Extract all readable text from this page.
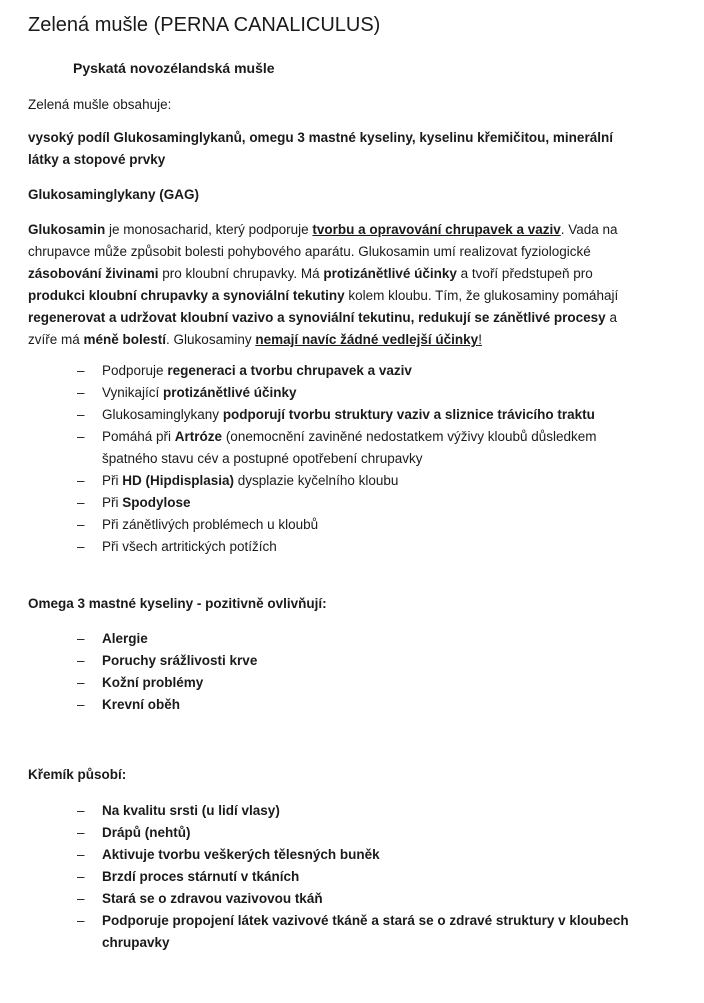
Zelená mušle (PERNA CANALICULUS)
Pyskatá novozélandská mušle
Zelená mušle obsahuje:
vysoký podíl Glukosaminglykanů, omegu 3 mastné kyseliny, kyselinu křemičitou, minerální látky a stopové prvky
Glukosaminglykany (GAG)
Glukosamin je monosacharid, který podporuje tvorbu a opravování chrupavek a vaziv. Vada na chrupavce může způsobit bolesti pohybového aparátu. Glukosamin umí realizovat fyziologické zásobování živinami pro kloubní chrupavky. Má protizánětlivé účinky a tvoří předstupeň pro produkci kloubní chrupavky a synoviální tekutiny kolem kloubu. Tím, že glukosaminy pomáhají regenerovat a udržovat kloubní vazivo a synoviální tekutinu, redukují se zánětlivé procesy a zvíře má méně bolestí. Glukosaminy nemají navíc žádné vedlejší účinky!
–	Podporuje regeneraci a tvorbu chrupavek a vaziv
–	Vynikající protizánětlivé účinky
–	Glukosaminglykany podporují tvorbu struktury vaziv a sliznice trávicího traktu
–	Pomáhá při Artróze (onemocnění zaviněné nedostatkem výživy kloubů důsledkem špatného stavu cév a postupné opotřebení chrupavky
–	Při HD (Hipdisplasia) dysplazie kyčelního kloubu
–	Při Spodylose
–	Při zánětlivých problémech u kloubů
–	Při všech artritických potížích
Omega 3 mastné kyseliny - pozitivně ovlivňují:
–	Alergie
–	Poruchy srážlivosti krve
–	Kožní problémy
–	Krevní oběh
Křemík působí:
–	Na kvalitu srsti (u lidí vlasy)
–	Drápů (nehtů)
–	Aktivuje tvorbu veškerých tělesných buněk
–	Brzdí proces stárnutí v tkáních
–	Stará se o zdravou vazivovou tkáň
–	Podporuje propojení látek vazivové tkáně a stará se o zdravé struktury v kloubech chrupavky
